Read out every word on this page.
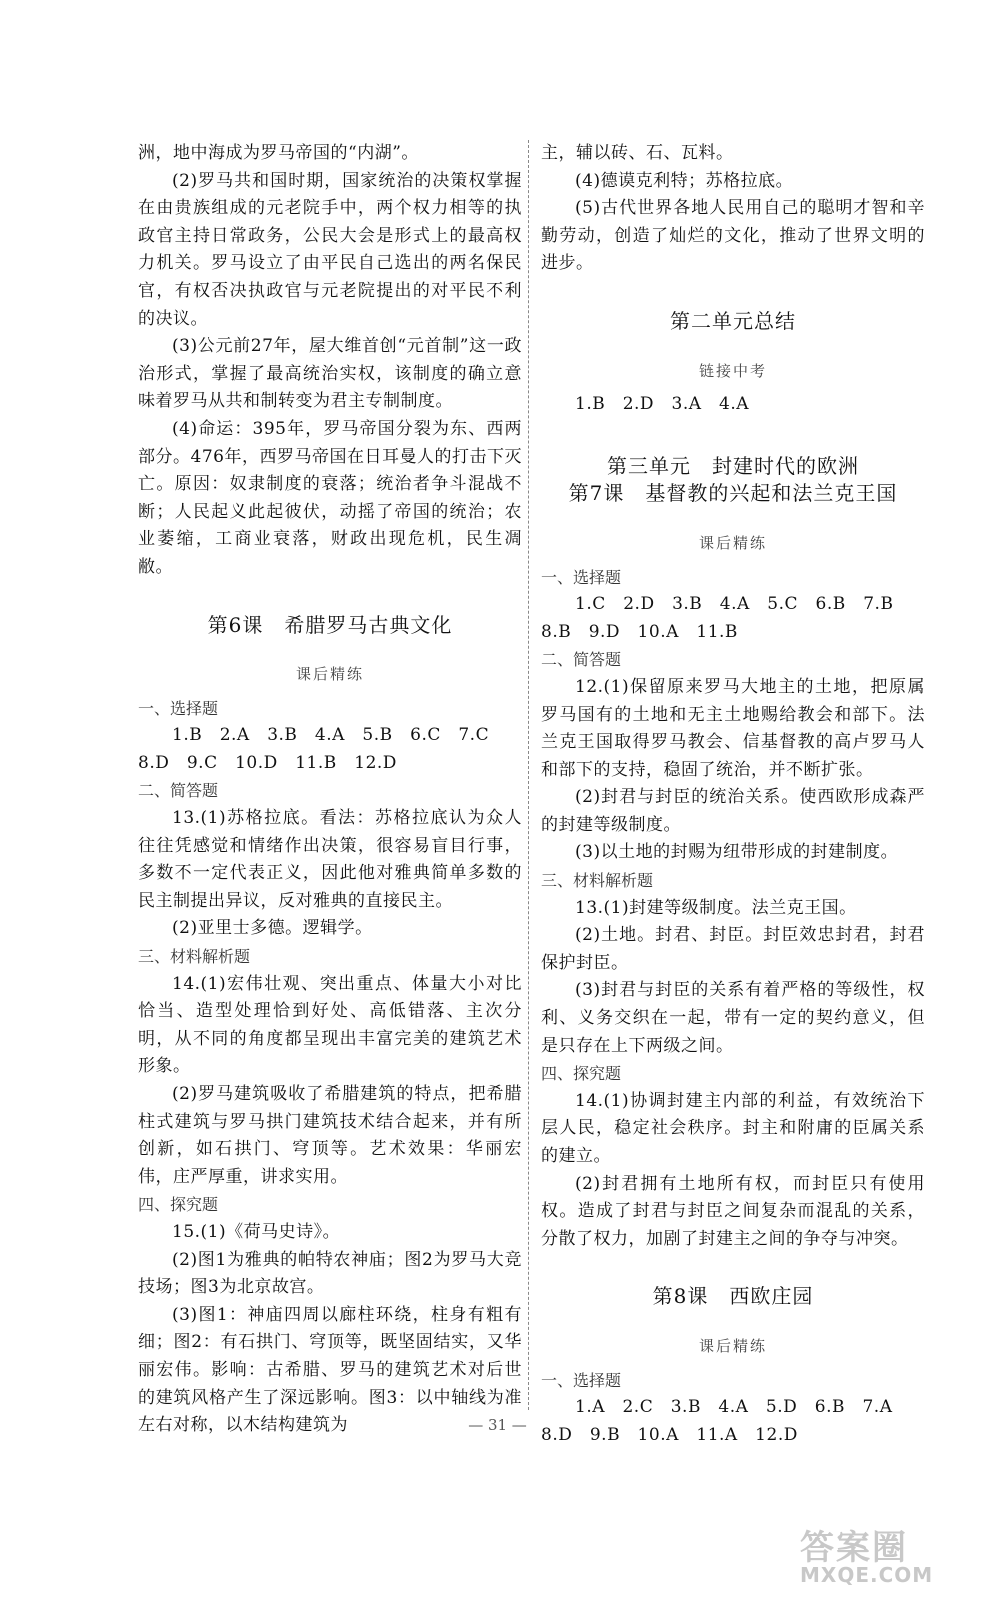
洲，地中海成为罗马帝国的“内湖”。

(2)罗马共和国时期，国家统治的决策权掌握在由贵族组成的元老院手中，两个权力相等的执政官主持日常政务，公民大会是形式上的最高权力机关。罗马设立了由平民自己选出的两名保民官，有权否决执政官与元老院提出的对平民不利的决议。

(3)公元前27年，屋大维首创“元首制”这一政治形式，掌握了最高统治实权，该制度的确立意味着罗马从共和制转变为君主专制制度。

(4)命运：395年，罗马帝国分裂为东、西两部分。476年，西罗马帝国在日耳曼人的打击下灭亡。原因：奴隶制度的衰落；统治者争斗混战不断；人民起义此起彼伏，动摇了帝国的统治；农业萎缩，工商业衰落，财政出现危机，民生凋敝。

第6课　希腊罗马古典文化
课后精练

一、选择题

1.B　2.A　3.B　4.A　5.B　6.C　7.C

8.D　9.C　10.D　11.B　12.D

二、简答题

13.(1)苏格拉底。看法：苏格拉底认为众人往往凭感觉和情绪作出决策，很容易盲目行事，多数不一定代表正义，因此他对雅典简单多数的民主制提出异议，反对雅典的直接民主。

(2)亚里士多德。逻辑学。

三、材料解析题

14.(1)宏伟壮观、突出重点、体量大小对比恰当、造型处理恰到好处、高低错落、主次分明，从不同的角度都呈现出丰富完美的建筑艺术形象。

(2)罗马建筑吸收了希腊建筑的特点，把希腊柱式建筑与罗马拱门建筑技术结合起来，并有所创新，如石拱门、穹顶等。艺术效果：华丽宏伟，庄严厚重，讲求实用。

四、探究题

15.(1)《荷马史诗》。

(2)图1为雅典的帕特农神庙；图2为罗马大竞技场；图3为北京故宫。

(3)图1：神庙四周以廊柱环绕，柱身有粗有细；图2：有石拱门、穹顶等，既坚固结实，又华丽宏伟。影响：古希腊、罗马的建筑艺术对后世的建筑风格产生了深远影响。图3：以中轴线为准左右对称，以木结构建筑为

主，辅以砖、石、瓦料。

(4)德谟克利特；苏格拉底。

(5)古代世界各地人民用自己的聪明才智和辛勤劳动，创造了灿烂的文化，推动了世界文明的进步。

第二单元总结
链接中考

1.B　2.D　3.A　4.A

第三单元　封建时代的欧洲
第7课　基督教的兴起和法兰克王国
课后精练

一、选择题

1.C　2.D　3.B　4.A　5.C　6.B　7.B

8.B　9.D　10.A　11.B

二、简答题

12.(1)保留原来罗马大地主的土地，把原属罗马国有的土地和无主土地赐给教会和部下。法兰克王国取得罗马教会、信基督教的高卢罗马人和部下的支持，稳固了统治，并不断扩张。

(2)封君与封臣的统治关系。使西欧形成森严的封建等级制度。

(3)以土地的封赐为纽带形成的封建制度。

三、材料解析题

13.(1)封建等级制度。法兰克王国。

(2)土地。封君、封臣。封臣效忠封君，封君保护封臣。

(3)封君与封臣的关系有着严格的等级性，权利、义务交织在一起，带有一定的契约意义，但是只存在上下两级之间。

四、探究题

14.(1)协调封建主内部的利益，有效统治下层人民，稳定社会秩序。封主和附庸的臣属关系的建立。

(2)封君拥有土地所有权，而封臣只有使用权。造成了封君与封臣之间复杂而混乱的关系，分散了权力，加剧了封建主之间的争夺与冲突。

第8课　西欧庄园
课后精练

一、选择题

1.A　2.C　3.B　4.A　5.D　6.B　7.A

8.D　9.B　10.A　11.A　12.D

— 31 —
答案圈
MXQE.COM
